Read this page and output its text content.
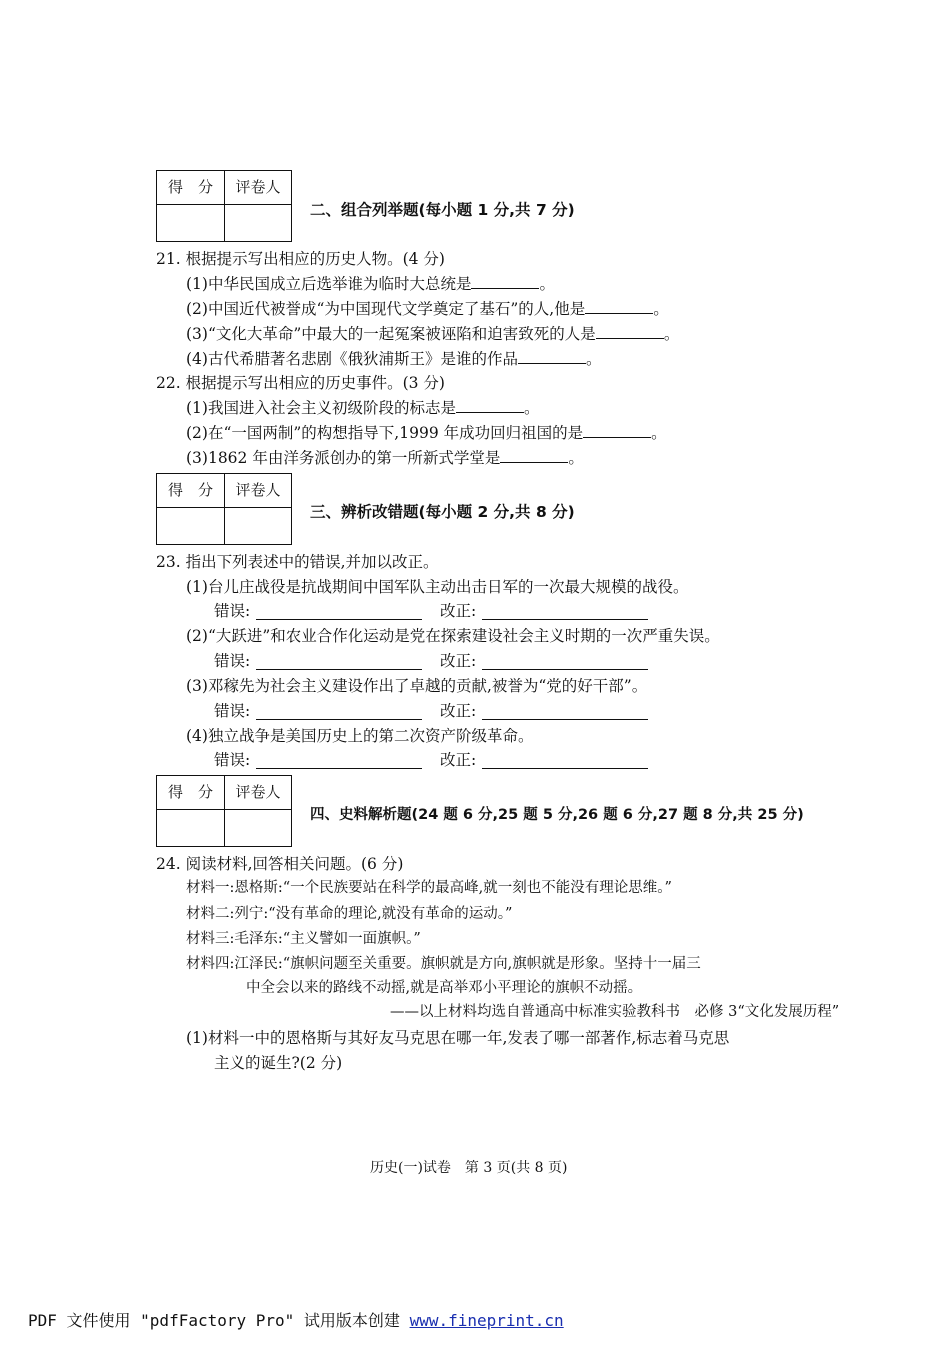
得　分	评卷人
二、组合列举题(每小题 1 分,共 7 分)
21. 根据提示写出相应的历史人物。(4 分)
(1)中华民国成立后选举谁为临时大总统是	。
(2)中国近代被誉成“为中国现代文学奠定了基石”的人,他是	。
(3)“文化大革命”中最大的一起冤案被诬陷和迫害致死的人是	。
(4)古代希腊著名悲剧《俄狄浦斯王》是谁的作品	。
22. 根据提示写出相应的历史事件。(3 分)
(1)我国进入社会主义初级阶段的标志是	。
(2)在“一国两制”的构想指导下,1999 年成功回归祖国的是	。
(3)1862 年由洋务派创办的第一所新式学堂是	。
得　分	评卷人
三、辨析改错题(每小题 2 分,共 8 分)
23. 指出下列表述中的错误,并加以改正。
(1)台儿庄战役是抗战期间中国军队主动出击日军的一次最大规模的战役。
错误:	改正:
(2)“大跃进”和农业合作化运动是党在探索建设社会主义时期的一次严重失误。
错误:	改正:
(3)邓稼先为社会主义建设作出了卓越的贡献,被誉为“党的好干部”。
错误:	改正:
(4)独立战争是美国历史上的第二次资产阶级革命。
错误:	改正:
得　分	评卷人
四、史料解析题(24 题 6 分,25 题 5 分,26 题 6 分,27 题 8 分,共 25 分)
24. 阅读材料,回答相关问题。(6 分)
材料一:恩格斯:“一个民族要站在科学的最高峰,就一刻也不能没有理论思维。”
材料二:列宁:“没有革命的理论,就没有革命的运动。”
材料三:毛泽东:“主义譬如一面旗帜。”
材料四:江泽民:“旗帜问题至关重要。旗帜就是方向,旗帜就是形象。坚持十一届三
中全会以来的路线不动摇,就是高举邓小平理论的旗帜不动摇。
——以上材料均选自普通高中标准实验教科书　必修 3“文化发展历程”
(1)材料一中的恩格斯与其好友马克思在哪一年,发表了哪一部著作,标志着马克思
主义的诞生?(2 分)
历史(一)试卷　第 3 页(共 8 页)
PDF 文件使用 "pdfFactory Pro" 试用版本创建 www.fineprint.cn
